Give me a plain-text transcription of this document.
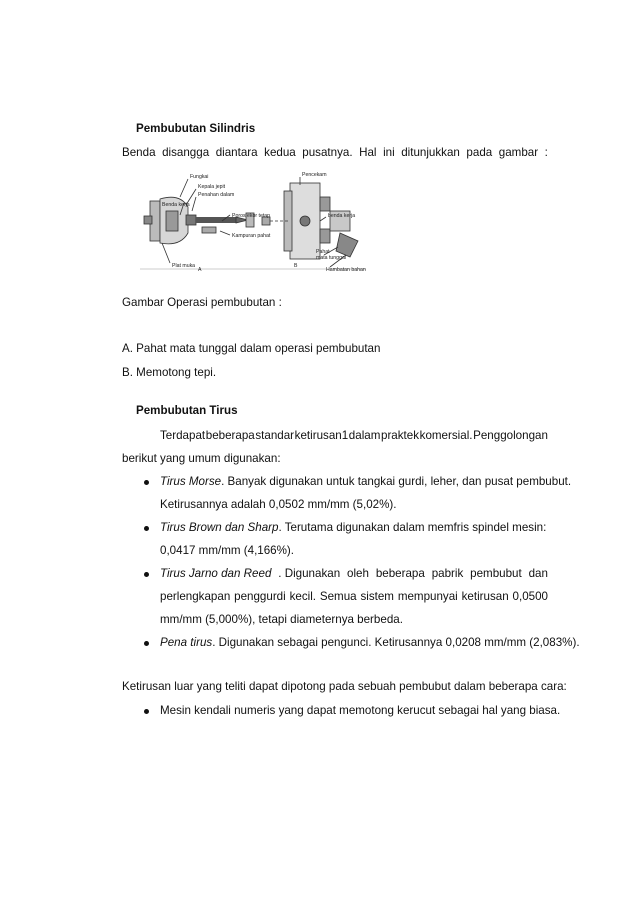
Pembubutan Silindris
Benda disangga diantara kedua pusatnya. Hal ini ditunjukkan pada gambar :
Fungkai
Kepala jepit
Penahan dalam
Benda kerja
Poros ekor tetap
Kampuran pahat
Plat muka
A
Pencekam
benda kerja
Pahat
mata tunggal
Hambatan bahan
B
Gambar Operasi pembubutan :
A. Pahat mata tunggal dalam operasi pembubutan
B. Memotong tepi.
Pembubutan Tirus
Terdapat beberapa standar ketirusan1 dalam praktek komersial. Penggolongan
berikut yang umum digunakan:
Tirus Morse. Banyak digunakan untuk tangkai gurdi, leher, dan pusat pembubut.
Ketirusannya adalah 0,0502 mm/mm (5,02%).
Tirus Brown dan Sharp. Terutama digunakan dalam memfris spindel mesin:
0,0417 mm/mm (4,166%).
Tirus Jarno dan Reed . Digunakan oleh beberapa pabrik pembubut dan
perlengkapan penggurdi kecil. Semua sistem mempunyai ketirusan 0,0500
mm/mm (5,000%), tetapi diameternya berbeda.
Pena tirus. Digunakan sebagai pengunci. Ketirusannya 0,0208 mm/mm (2,083%).
Ketirusan luar yang teliti dapat dipotong pada sebuah pembubut dalam beberapa cara:
Mesin kendali numeris yang dapat memotong kerucut sebagai hal yang biasa.
